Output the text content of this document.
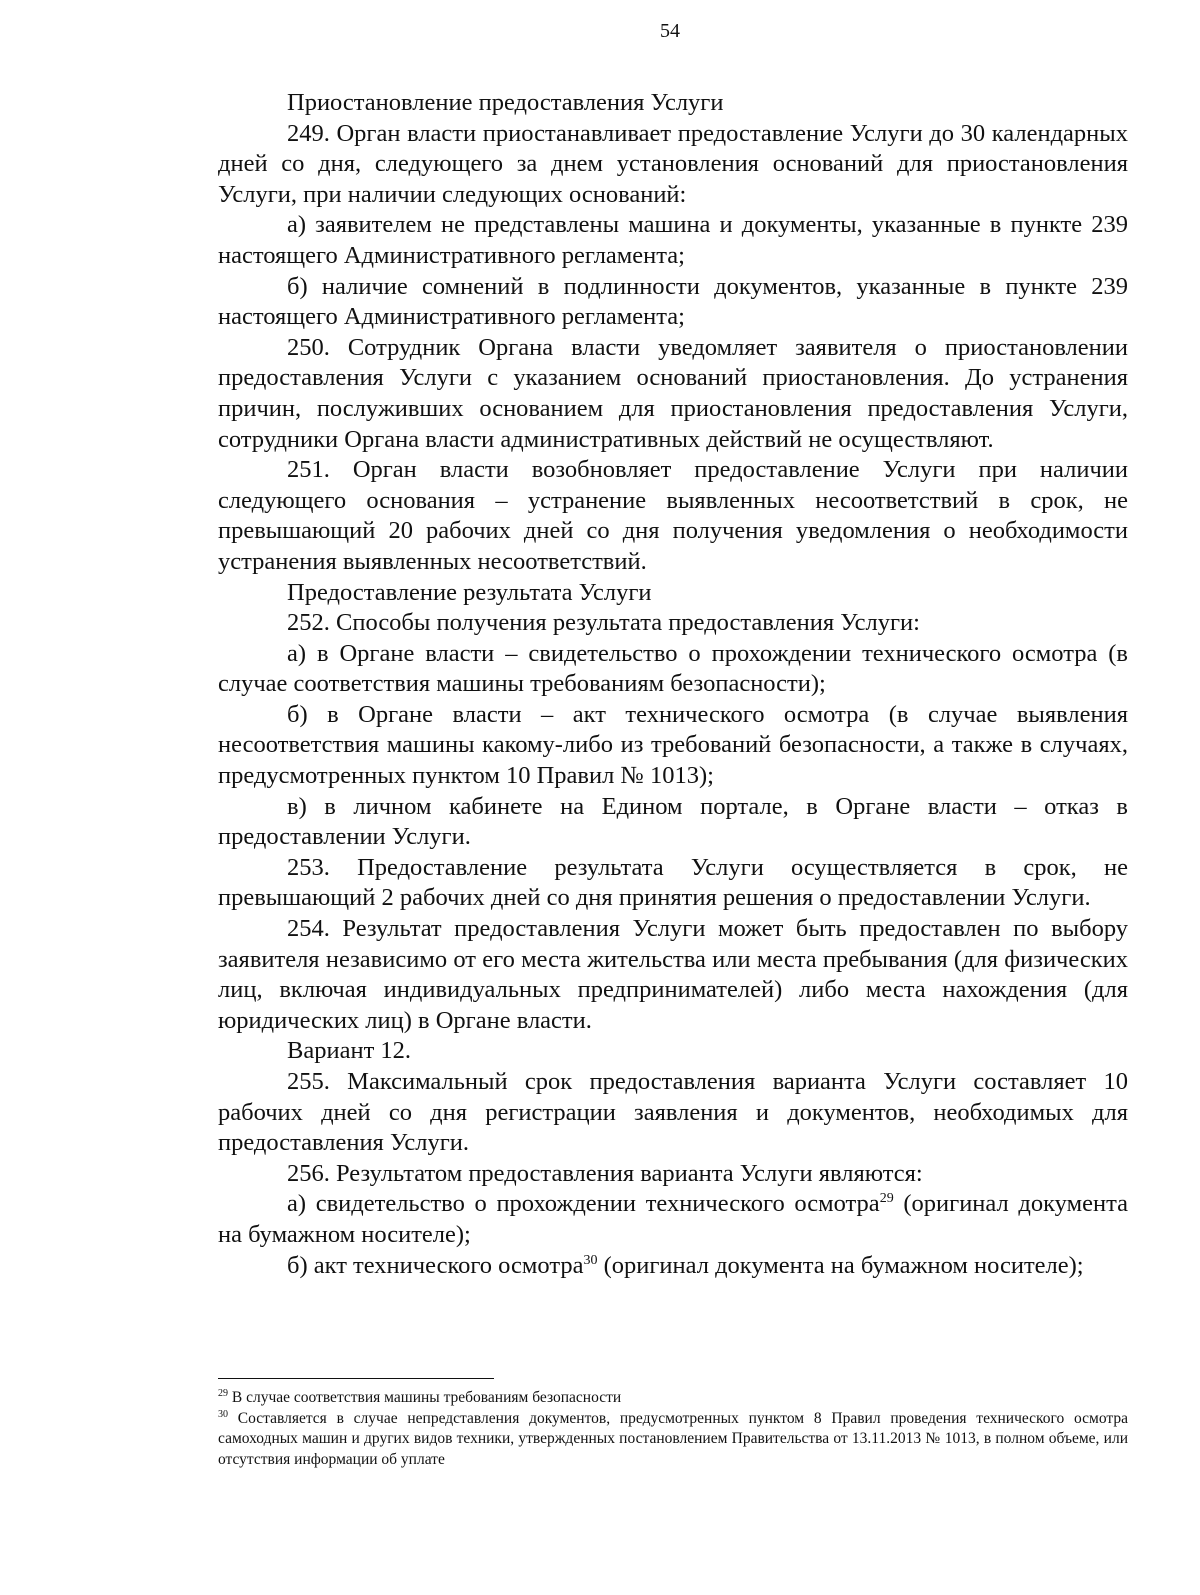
54

Приостановление предоставления Услуги

249. Орган власти приостанавливает предоставление Услуги до 30 календарных дней со дня, следующего за днем установления оснований для приостановления Услуги, при наличии следующих оснований:

а) заявителем не представлены машина и документы, указанные в пункте 239 настоящего Административного регламента;

б) наличие сомнений в подлинности документов, указанные в пункте 239 настоящего Административного регламента;

250. Сотрудник Органа власти уведомляет заявителя о приостановлении предоставления Услуги с указанием оснований приостановления. До устранения причин, послуживших основанием для приостановления предоставления Услуги, сотрудники Органа власти административных действий не осуществляют.

251. Орган власти возобновляет предоставление Услуги при наличии следующего основания – устранение выявленных несоответствий в срок, не превышающий 20 рабочих дней со дня получения уведомления о необходимости устранения выявленных несоответствий.

Предоставление результата Услуги

252. Способы получения результата предоставления Услуги:

а) в Органе власти – свидетельство о прохождении технического осмотра (в случае соответствия машины требованиям безопасности);

б) в Органе власти – акт технического осмотра (в случае выявления несоответствия машины какому-либо из требований безопасности, а также в случаях, предусмотренных пунктом 10 Правил № 1013);

в) в личном кабинете на Едином портале, в Органе власти – отказ в предоставлении Услуги.

253. Предоставление результата Услуги осуществляется в срок, не превышающий 2 рабочих дней со дня принятия решения о предоставлении Услуги.

254. Результат предоставления Услуги может быть предоставлен по выбору заявителя независимо от его места жительства или места пребывания (для физических лиц, включая индивидуальных предпринимателей) либо места нахождения (для юридических лиц) в Органе власти.

Вариант 12.

255. Максимальный срок предоставления варианта Услуги составляет 10 рабочих дней со дня регистрации заявления и документов, необходимых для предоставления Услуги.

256. Результатом предоставления варианта Услуги являются:

а) свидетельство о прохождении технического осмотра$^{29}$ (оригинал документа на бумажном носителе);

б) акт технического осмотра$^{30}$ (оригинал документа на бумажном носителе);

$^{29}$ В случае соответствия машины требованиям безопасности

$^{30}$ Составляется в случае непредставления документов, предусмотренных пунктом 8 Правил проведения технического осмотра самоходных машин и других видов техники, утвержденных постановлением Правительства от 13.11.2013 № 1013, в полном объеме, или отсутствия информации об уплате
